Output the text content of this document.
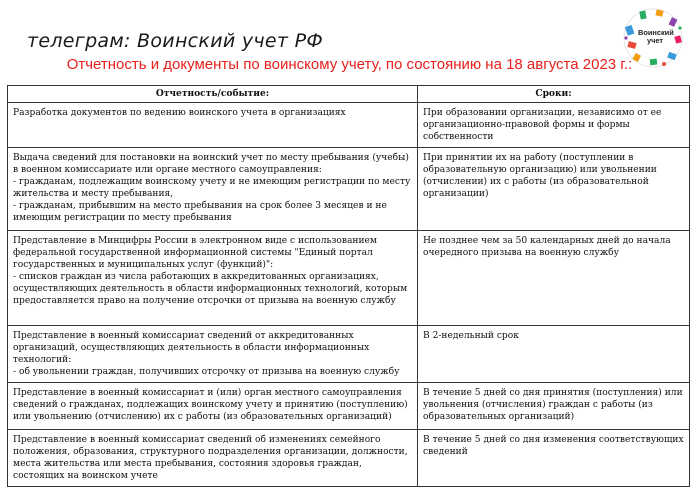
телеграм: Воинский учет РФ
Отчетность и документы по воинскому учету, по состоянию на 18 августа 2023 г.:
Воинский
учет
Отчетность/событие:	Сроки:

Разработка документов по ведению воинского учета в организациях	При образовании организации, независимо от ее организационно-правовой формы и формы собственности

Выдача сведений для постановки на воинский учет по месту пребывания (учебы) в военном комиссариате или органе местного самоуправления:
- гражданам, подлежащим воинскому учету и не имеющим регистрации по месту жительства и месту пребывания,
- гражданам, прибывшим на место пребывания на срок более 3 месяцев и не имеющим регистрации по месту пребывания	При принятии их на работу (поступлении в образовательную организацию) или увольнении (отчислении) их с работы (из образовательной организации)

Представление в Минцифры России в электронном виде с использованием федеральной государственной информационной системы "Единый портал государственных и муниципальных услуг (функций)":
- списков граждан из числа работающих в аккредитованных организациях, осуществляющих деятельность в области информационных технологий, которым предоставляется право на получение отсрочки от призыва на военную службу	Не позднее чем за 50 календарных дней до начала очередного призыва на военную службу

Представление в военный комиссариат сведений от аккредитованных организаций, осуществляющих деятельность в области информационных технологий:
- об увольнении граждан, получивших отсрочку от призыва на военную службу	В 2-недельный срок

Представление в военный комиссариат и (или) орган местного самоуправления сведений о гражданах, подлежащих воинскому учету и принятию (поступлению) или увольнению (отчислению) их с работы (из образовательных организаций)	В течение 5 дней со дня принятия (поступления) или увольнения (отчисления) граждан с работы (из образовательных организаций)

Представление в военный комиссариат сведений об изменениях семейного положения, образования, структурного подразделения организации, должности, места жительства или места пребывания, состояния здоровья граждан, состоящих на воинском учете	В течение 5 дней со дня изменения соответствующих сведений
